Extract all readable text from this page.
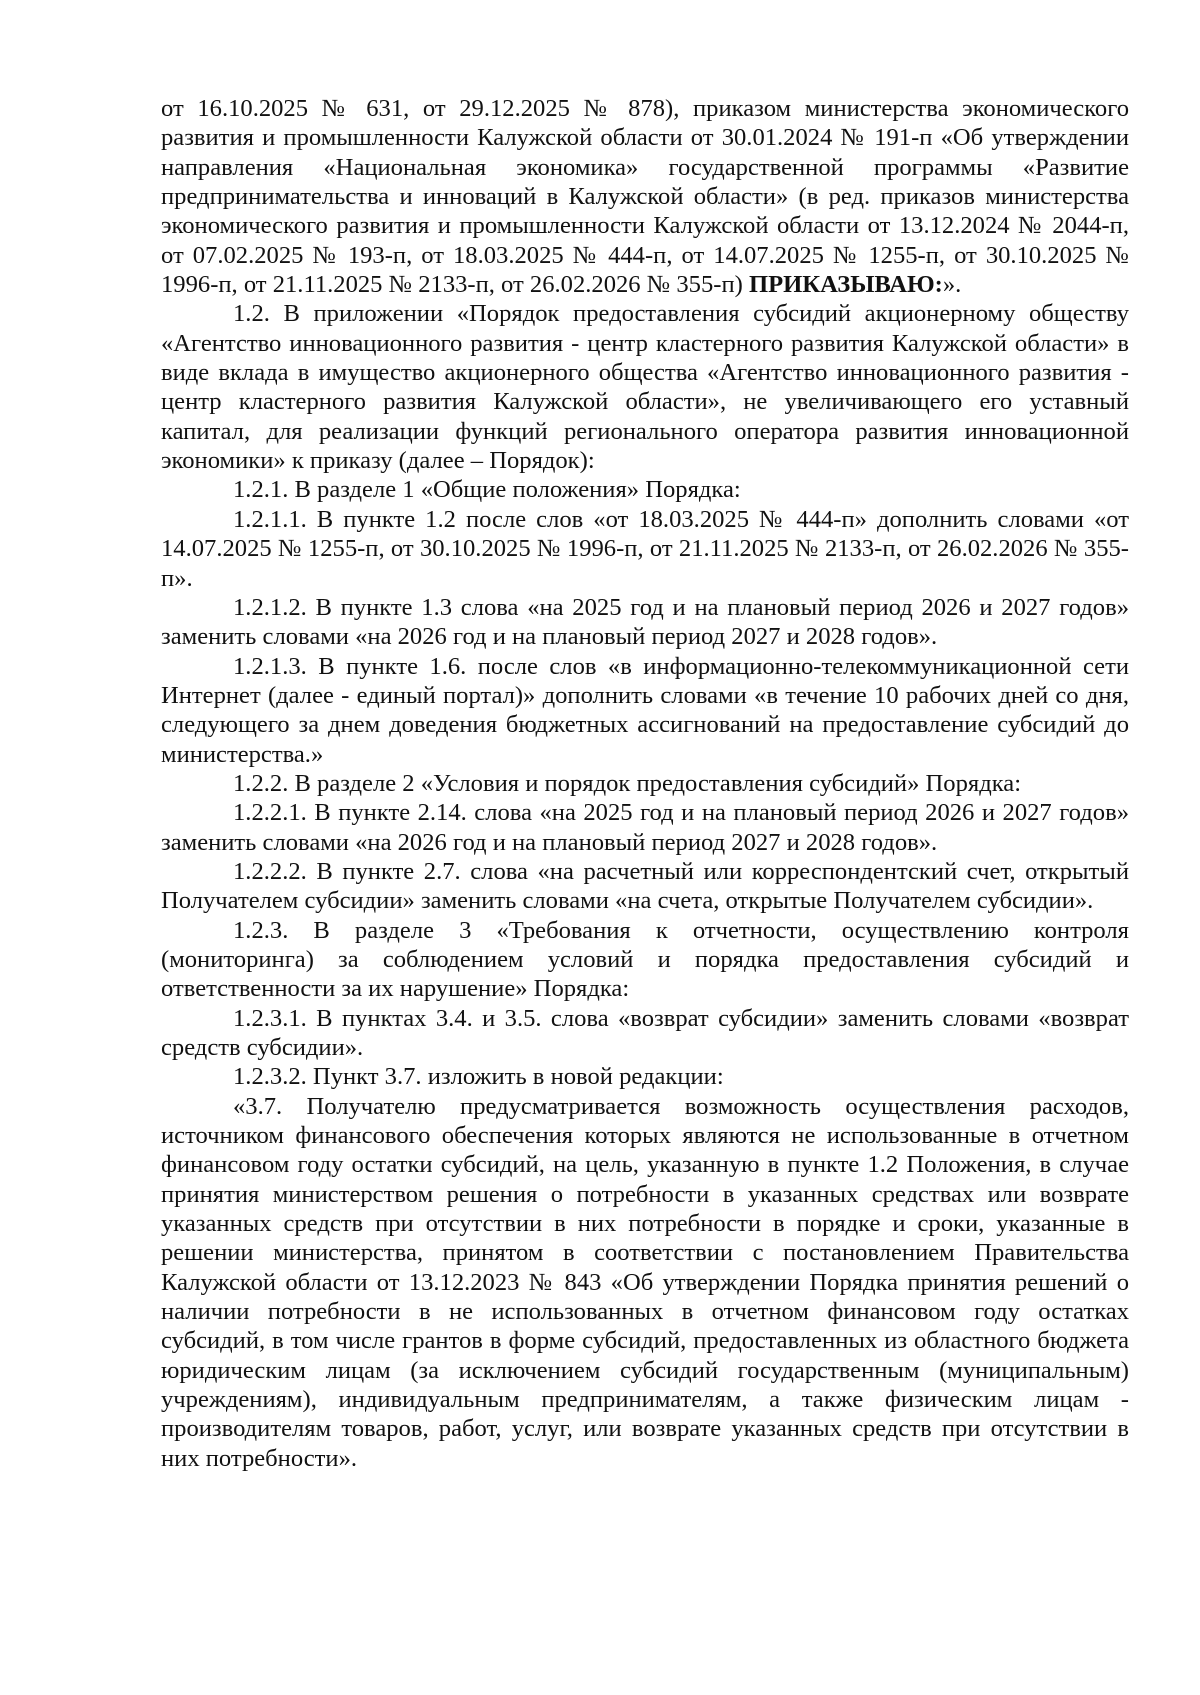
от 16.10.2025 № 631, от 29.12.2025 № 878), приказом министерства экономического развития и промышленности Калужской области от 30.01.2024 № 191-п «Об утверждении направления «Национальная экономика» государственной программы «Развитие предпринимательства и инноваций в Калужской области» (в ред. приказов министерства экономического развития и промышленности Калужской области от 13.12.2024 № 2044-п, от 07.02.2025 № 193-п, от 18.03.2025 № 444-п, от 14.07.2025 № 1255-п, от 30.10.2025 № 1996-п, от 21.11.2025 № 2133-п, от 26.02.2026 № 355-п) ПРИКАЗЫВАЮ:».

1.2. В приложении «Порядок предоставления субсидий акционерному обществу «Агентство инновационного развития - центр кластерного развития Калужской области» в виде вклада в имущество акционерного общества «Агентство инновационного развития - центр кластерного развития Калужской области», не увеличивающего его уставный капитал, для реализации функций регионального оператора развития инновационной экономики» к приказу (далее – Порядок):

1.2.1. В разделе 1 «Общие положения» Порядка:

1.2.1.1. В пункте 1.2 после слов «от 18.03.2025 № 444-п» дополнить словами «от 14.07.2025 № 1255-п, от 30.10.2025 № 1996-п, от 21.11.2025 № 2133-п, от 26.02.2026 № 355-п».

1.2.1.2. В пункте 1.3 слова «на 2025 год и на плановый период 2026 и 2027 годов» заменить словами «на 2026 год и на плановый период 2027 и 2028 годов».

1.2.1.3. В пункте 1.6. после слов «в информационно-телекоммуникационной сети Интернет (далее - единый портал)» дополнить словами «в течение 10 рабочих дней со дня, следующего за днем доведения бюджетных ассигнований на предоставление субсидий до министерства.»

1.2.2. В разделе 2 «Условия и порядок предоставления субсидий» Порядка:

1.2.2.1. В пункте 2.14. слова «на 2025 год и на плановый период 2026 и 2027 годов» заменить словами «на 2026 год и на плановый период 2027 и 2028 годов».

1.2.2.2. В пункте 2.7. слова «на расчетный или корреспондентский счет, открытый Получателем субсидии» заменить словами «на счета, открытые Получателем субсидии».

1.2.3. В разделе 3 «Требования к отчетности, осуществлению контроля (мониторинга) за соблюдением условий и порядка предоставления субсидий и ответственности за их нарушение» Порядка:

1.2.3.1. В пунктах 3.4. и 3.5. слова «возврат субсидии» заменить словами «возврат средств субсидии».

1.2.3.2. Пункт 3.7. изложить в новой редакции:

«3.7. Получателю предусматривается возможность осуществления расходов, источником финансового обеспечения которых являются не использованные в отчетном финансовом году остатки субсидий, на цель, указанную в пункте 1.2 Положения, в случае принятия министерством решения о потребности в указанных средствах или возврате указанных средств при отсутствии в них потребности в порядке и сроки, указанные в решении министерства, принятом в соответствии с постановлением Правительства Калужской области от 13.12.2023 № 843 «Об утверждении Порядка принятия решений о наличии потребности в не использованных в отчетном финансовом году остатках субсидий, в том числе грантов в форме субсидий, предоставленных из областного бюджета юридическим лицам (за исключением субсидий государственным (муниципальным) учреждениям), индивидуальным предпринимателям, а также физическим лицам - производителям товаров, работ, услуг, или возврате указанных средств при отсутствии в них потребности».
